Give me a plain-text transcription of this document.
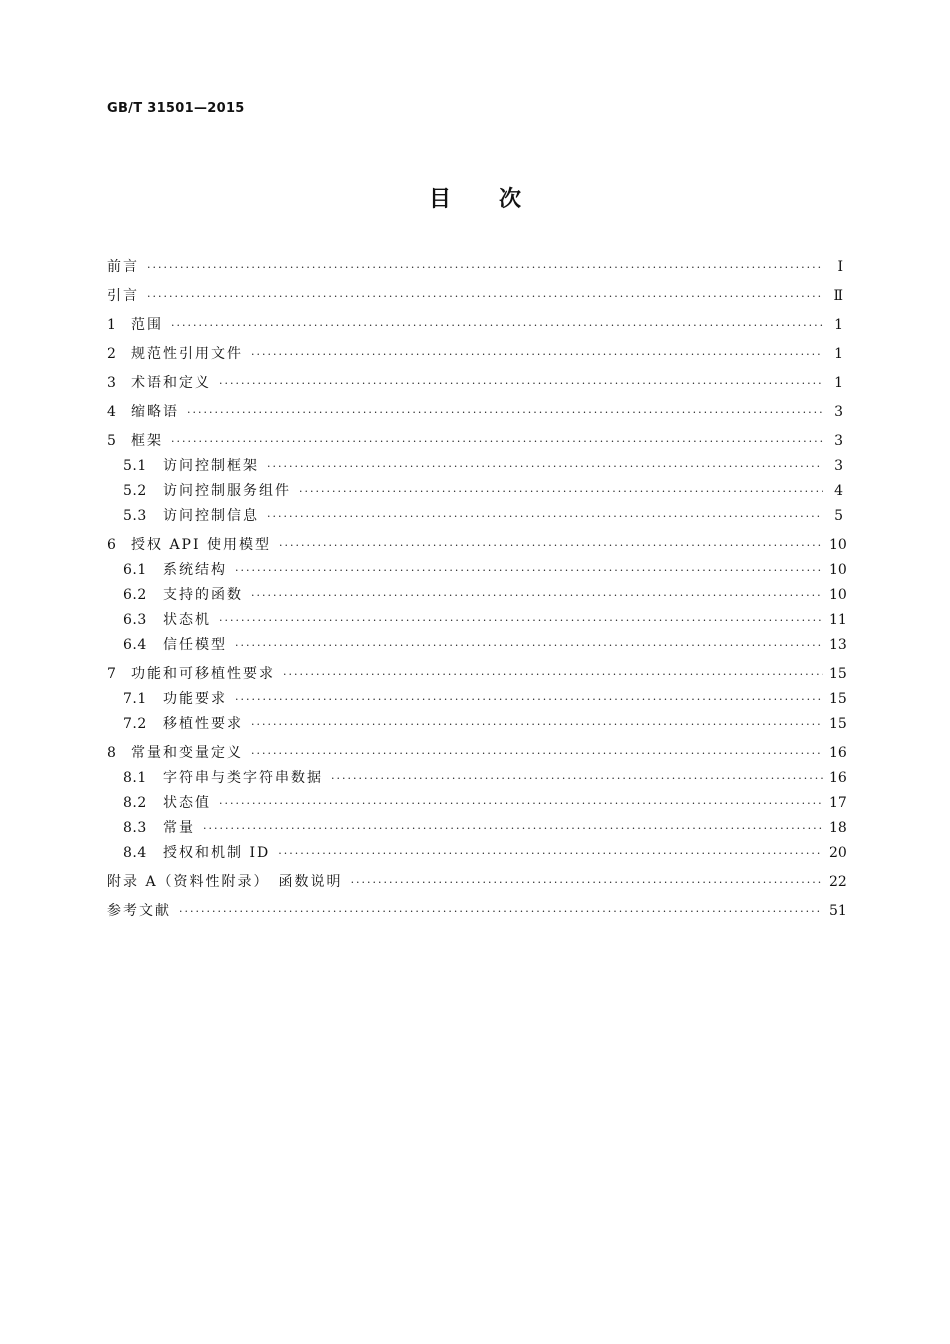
GB/T 31501—2015
目次
前言 ·····	Ⅰ
引言 ·····	Ⅱ
1	范围 ·····	1
2	规范性引用文件 ·····	1
3	术语和定义 ·····	1
4	缩略语 ·····	3
5	框架 ·····	3
5.1	访问控制框架 ·····	3
5.2	访问控制服务组件 ·····	4
5.3	访问控制信息 ·····	5
6	授权 API 使用模型 ·····	10
6.1	系统结构 ·····	10
6.2	支持的函数 ·····	10
6.3	状态机 ·····	11
6.4	信任模型 ·····	13
7	功能和可移植性要求 ·····	15
7.1	功能要求 ·····	15
7.2	移植性要求 ·····	15
8	常量和变量定义 ·····	16
8.1	字符串与类字符串数据 ·····	16
8.2	状态值 ·····	17
8.3	常量 ·····	18
8.4	授权和机制 ID ·····	20
附录 A（资料性附录）　函数说明 ·····	22
参考文献 ·····	51
